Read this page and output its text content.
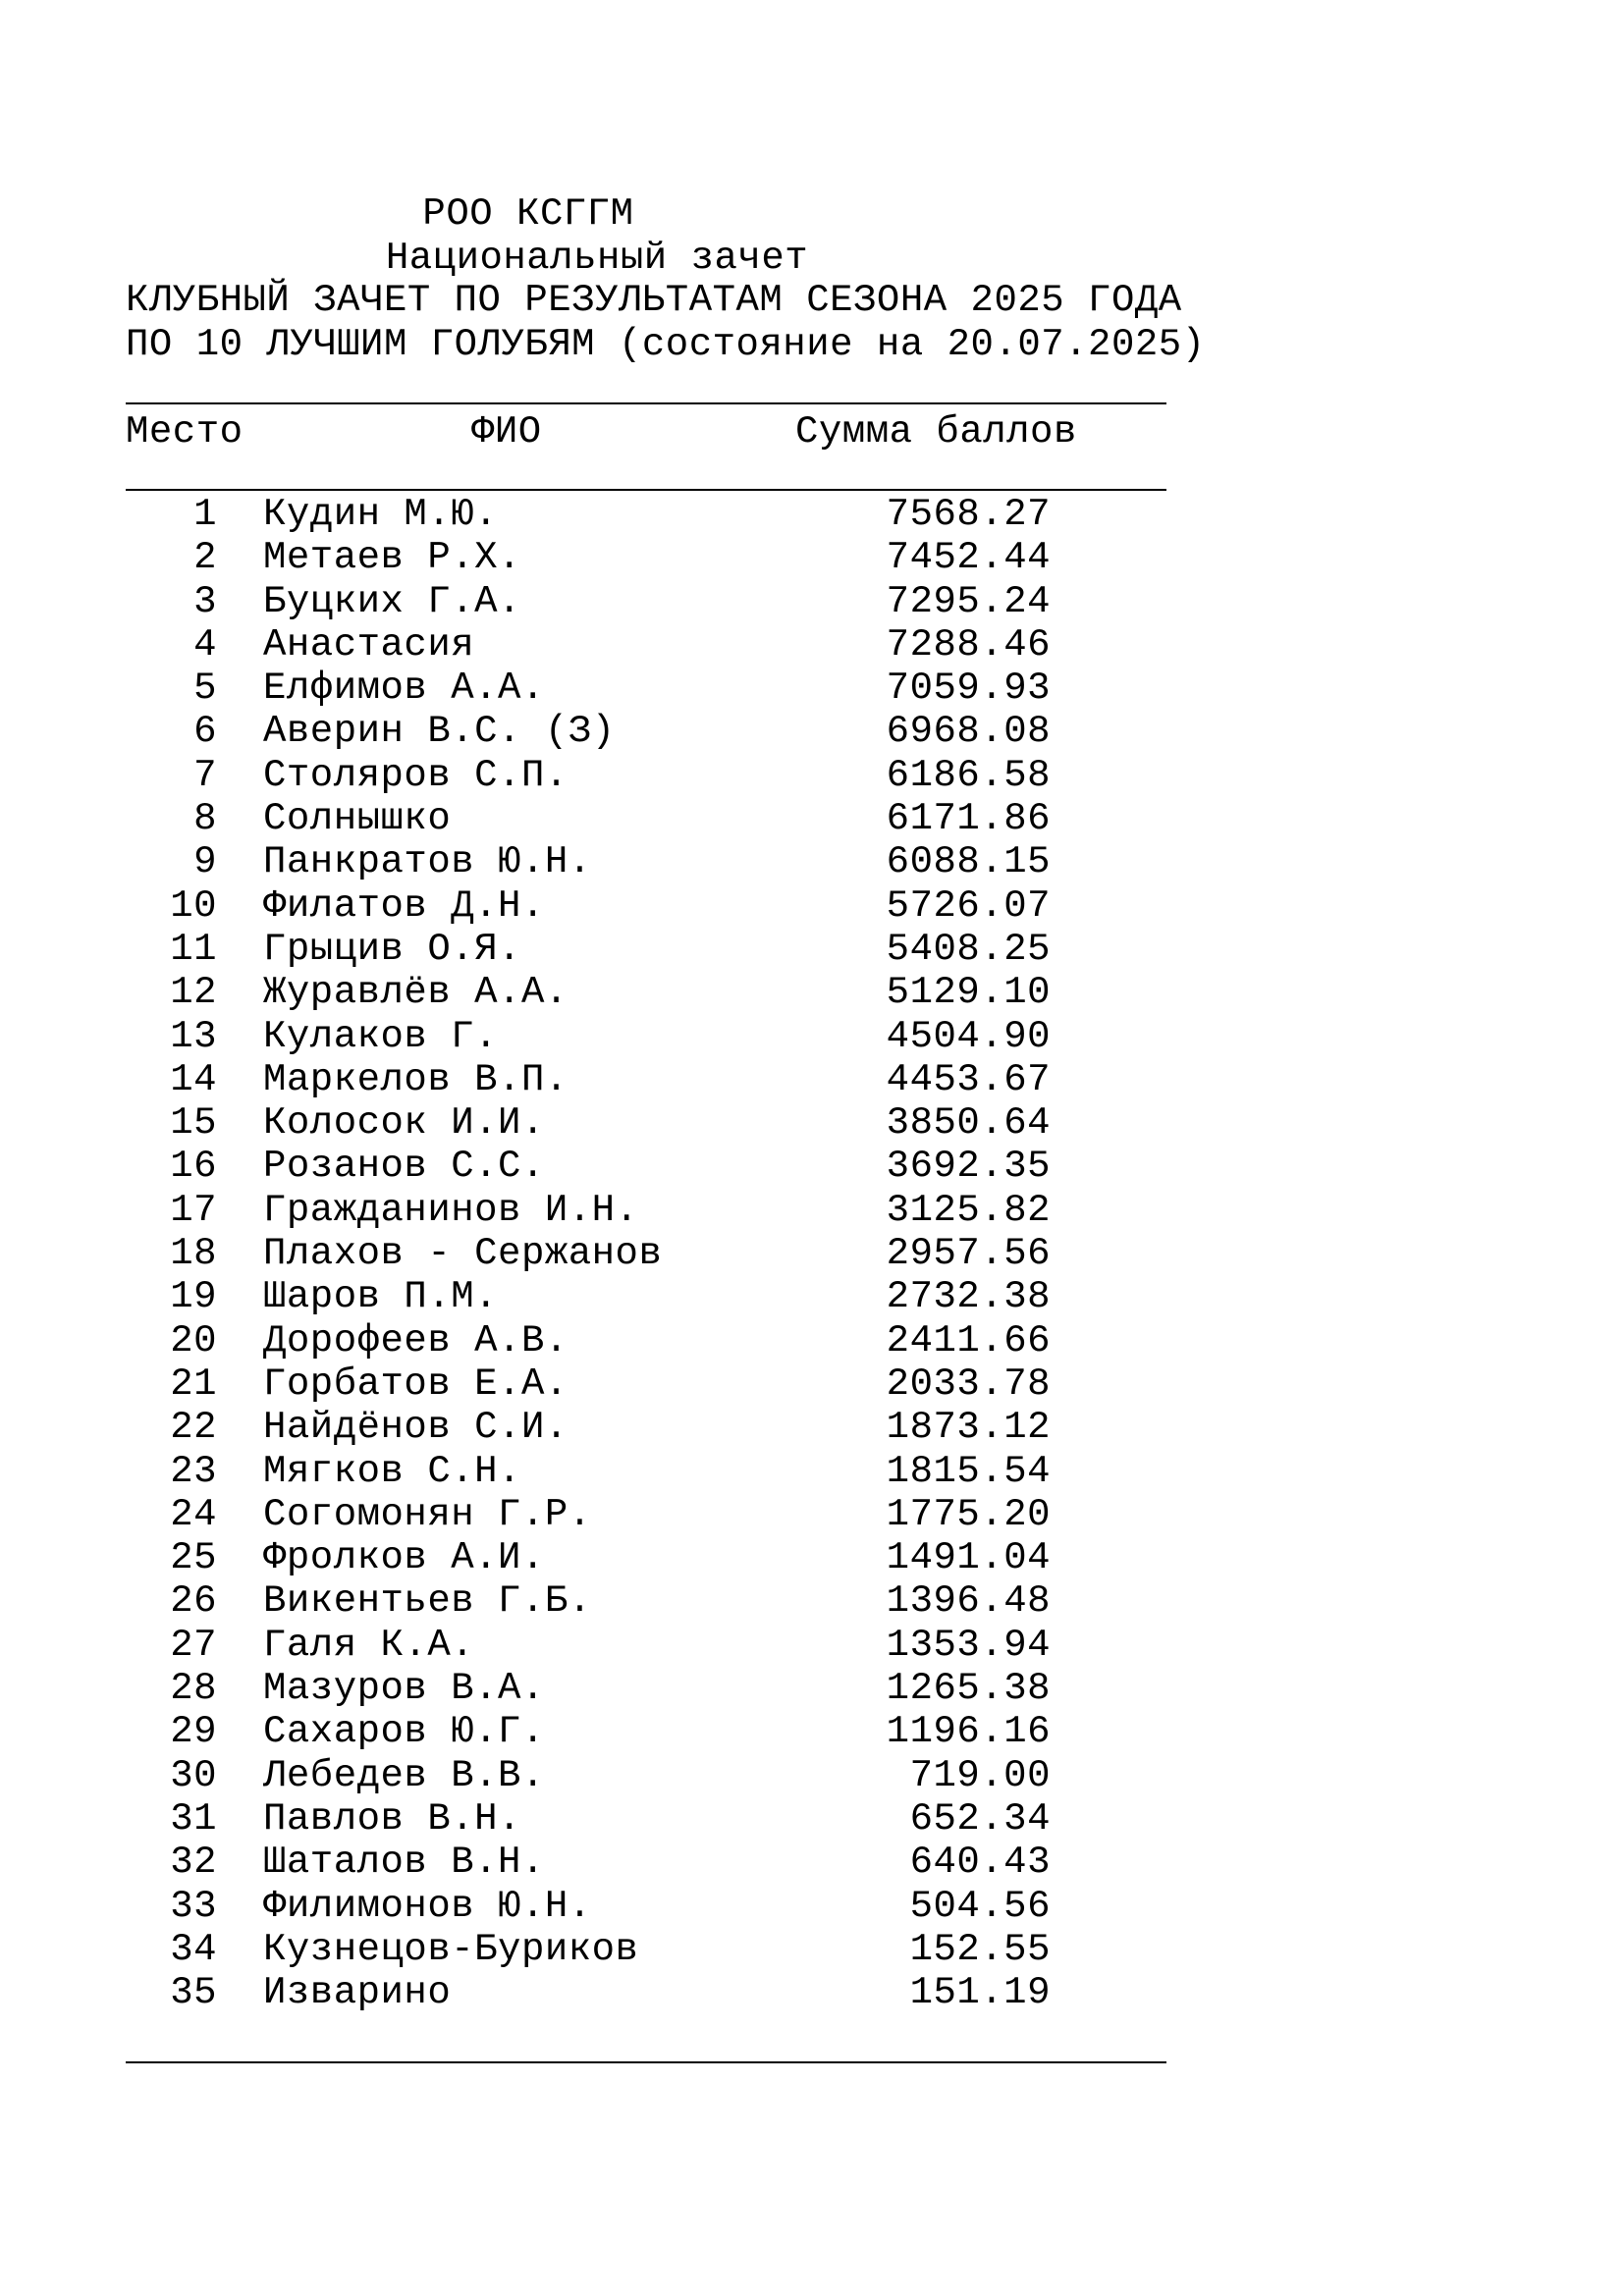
РОО КСГГМ
Национальный зачет
КЛУБНЫЙ ЗАЧЕТ ПО РЕЗУЛЬТАТАМ СЕЗОНА 2025 ГОДА
ПО 10 ЛУЧШИМ ГОЛУБЯМ (состояние на 20.07.2025)
Место	ФИО	Сумма баллов
1 Кудин М.Ю.	7568.27
2 Метаев Р.Х.	7452.44
3 Буцких Г.А.	7295.24
4 Анастасия	7288.46
5 Елфимов А.А.	7059.93
6 Аверин В.С. (З)	6968.08
7 Столяров С.П.	6186.58
8 Солнышко	6171.86
9 Панкратов Ю.Н.	6088.15
10 Филатов Д.Н.	5726.07
11 Грыцив О.Я.	5408.25
12 Журавлёв А.А.	5129.10
13 Кулаков Г.	4504.90
14 Маркелов В.П.	4453.67
15 Колосок И.И.	3850.64
16 Розанов С.С.	3692.35
17 Гражданинов И.Н.	3125.82
18 Плахов - Сержанов	2957.56
19 Шаров П.М.	2732.38
20 Дорофеев А.В.	2411.66
21 Горбатов Е.А.	2033.78
22 Найдёнов С.И.	1873.12
23 Мягков С.Н.	1815.54
24 Согомонян Г.Р.	1775.20
25 Фролков А.И.	1491.04
26 Викентьев Г.Б.	1396.48
27 Галя К.А.	1353.94
28 Мазуров В.А.	1265.38
29 Сахаров Ю.Г.	1196.16
30 Лебедев В.В.	719.00
31 Павлов В.Н.	652.34
32 Шаталов В.Н.	640.43
33 Филимонов Ю.Н.	504.56
34 Кузнецов-Буриков	152.55
35 Изварино	151.19
